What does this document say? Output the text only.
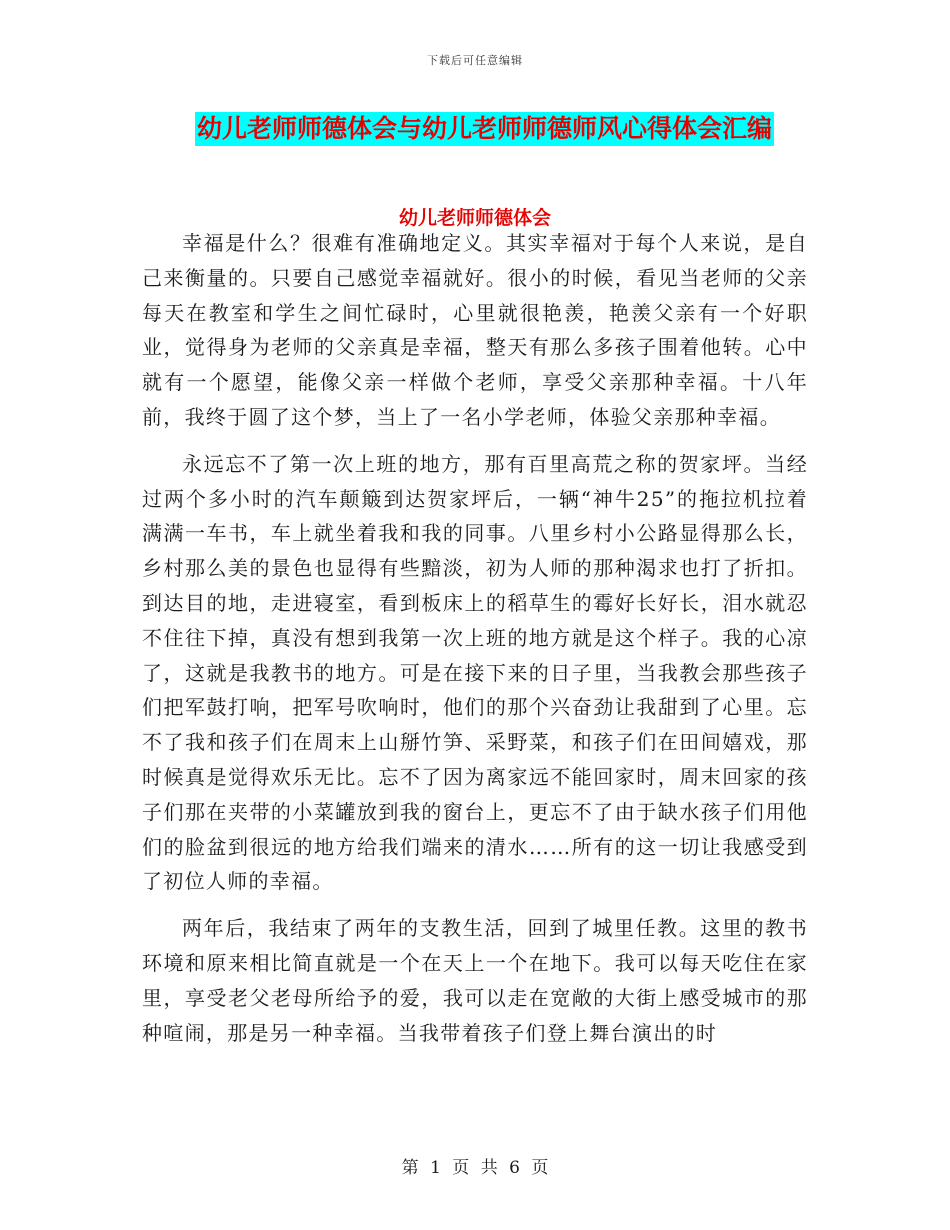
下载后可任意编辑
幼儿老师师德体会与幼儿老师师德师风心得体会汇编
幼儿老师师德体会

幸福是什么？很难有准确地定义。其实幸福对于每个人来说，是自己来衡量的。只要自己感觉幸福就好。很小的时候，看见当老师的父亲每天在教室和学生之间忙碌时，心里就很艳羡，艳羡父亲有一个好职业，觉得身为老师的父亲真是幸福，整天有那么多孩子围着他转。心中就有一个愿望，能像父亲一样做个老师，享受父亲那种幸福。十八年前，我终于圆了这个梦，当上了一名小学老师，体验父亲那种幸福。

永远忘不了第一次上班的地方，那有百里高荒之称的贺家坪。当经过两个多小时的汽车颠簸到达贺家坪后，一辆“神牛25”的拖拉机拉着满满一车书，车上就坐着我和我的同事。八里乡村小公路显得那么长，乡村那么美的景色也显得有些黯淡，初为人师的那种渴求也打了折扣。到达目的地，走进寝室，看到板床上的稻草生的霉好长好长，泪水就忍不住往下掉，真没有想到我第一次上班的地方就是这个样子。我的心凉了，这就是我教书的地方。可是在接下来的日子里，当我教会那些孩子们把军鼓打响，把军号吹响时，他们的那个兴奋劲让我甜到了心里。忘不了我和孩子们在周末上山掰竹笋、采野菜，和孩子们在田间嬉戏，那时候真是觉得欢乐无比。忘不了因为离家远不能回家时，周末回家的孩子们那在夹带的小菜罐放到我的窗台上，更忘不了由于缺水孩子们用他们的脸盆到很远的地方给我们端来的清水……所有的这一切让我感受到了初位人师的幸福。

两年后，我结束了两年的支教生活，回到了城里任教。这里的教书环境和原来相比简直就是一个在天上一个在地下。我可以每天吃住在家里，享受老父老母所给予的爱，我可以走在宽敞的大街上感受城市的那种喧闹，那是另一种幸福。当我带着孩子们登上舞台演出的时

第 1 页 共 6 页
